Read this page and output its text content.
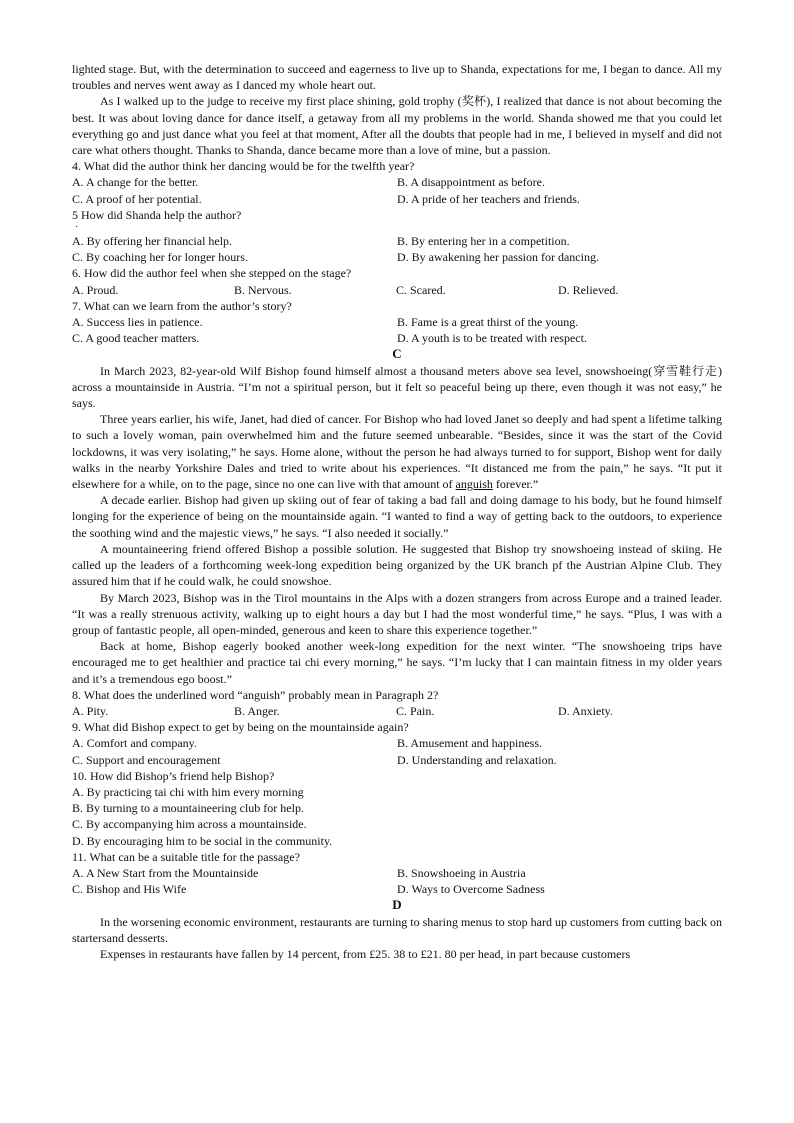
lighted stage. But, with the determination to succeed and eagerness to live up to Shanda, expectations for me, I began to dance. All my troubles and nerves went away as I danced my whole heart out.

As I walked up to the judge to receive my first place shining, gold trophy (奖杯), I realized that dance is not about becoming the best. It was about loving dance for dance itself, a getaway from all my problems in the world. Shanda showed me that you could let everything go and just dance what you feel at that moment, After all the doubts that people had in me, I believed in myself and did not care what others thought. Thanks to Shanda, dance became more than a love of mine, but a passion.

4. What did the author think her dancing would be for the twelfth year?

A. A change for the better.	B. A disappointment as before.
C. A proof of her potential.	D. A pride of her teachers and friends.

5 How did Shanda help the author?

·
A. By offering her financial help.	B. By entering her in a competition.
C. By coaching her for longer hours.	D. By awakening her passion for dancing.

6. How did the author feel when she stepped on the stage?

A. Proud.	B. Nervous.	C. Scared.	D. Relieved.

7. What can we learn from the author’s story?

A. Success lies in patience.	B. Fame is a great thirst of the young.
C. A good teacher matters.	D. A youth is to be treated with respect.

C

In March 2023, 82-year-old Wilf Bishop found himself almost a thousand meters above sea level, snowshoeing(穿雪鞋行走) across a mountainside in Austria. “I’m not a spiritual person, but it felt so peaceful being up there, even though it was not easy,” he says.

Three years earlier, his wife, Janet, had died of cancer. For Bishop who had loved Janet so deeply and had spent a lifetime talking to such a lovely woman, pain overwhelmed him and the future seemed unbearable. “Besides, since it was the start of the Covid lockdowns, it was very isolating,” he says. Home alone, without the person he had always turned to for support, Bishop went for daily walks in the nearby Yorkshire Dales and tried to write about his experiences. “It distanced me from the pain,” he says. “It put it elsewhere for a while, on to the page, since no one can live with that amount of anguish forever.”

A decade earlier. Bishop had given up skiing out of fear of taking a bad fall and doing damage to his body, but he found himself longing for the experience of being on the mountainside again. “I wanted to find a way of getting back to the outdoors, to experience the soothing wind and the majestic views,” he says. “I also needed it socially.”

A mountaineering friend offered Bishop a possible solution. He suggested that Bishop try snowshoeing instead of skiing. He called up the leaders of a forthcoming week-long expedition being organized by the UK branch pf the Austrian Alpine Club. They assured him that if he could walk, he could snowshoe.

By March 2023, Bishop was in the Tirol mountains in the Alps with a dozen strangers from across Europe and a trained leader. “It was a really strenuous activity, walking up to eight hours a day but I had the most wonderful time,” he says. “Plus, I was with a group of fantastic people, all open-minded, generous and keen to share this experience together.”

Back at home, Bishop eagerly booked another week-long expedition for the next winter. “The snowshoeing trips have encouraged me to get healthier and practice tai chi every morning,” he says. “I’m lucky that I can maintain fitness in my older years and it’s a tremendous ego boost.”

8. What does the underlined word “anguish” probably mean in Paragraph 2?

A. Pity.	B. Anger.	C. Pain.	D. Anxiety.

9. What did Bishop expect to get by being on the mountainside again?

A. Comfort and company.	B. Amusement and happiness.
C. Support and encouragement	D. Understanding and relaxation.

10. How did Bishop’s friend help Bishop?

A. By practicing tai chi with him every morning

B. By turning to a mountaineering club for help.

C. By accompanying him across a mountainside.

D. By encouraging him to be social in the community.

11. What can be a suitable title for the passage?

A. A New Start from the Mountainside	B. Snowshoeing in Austria
C. Bishop and His Wife	D. Ways to Overcome Sadness

D

In the worsening economic environment, restaurants are turning to sharing menus to stop hard up customers from cutting back on startersand desserts.

Expenses in restaurants have fallen by 14 percent, from £25. 38 to £21. 80 per head, in part because customers
